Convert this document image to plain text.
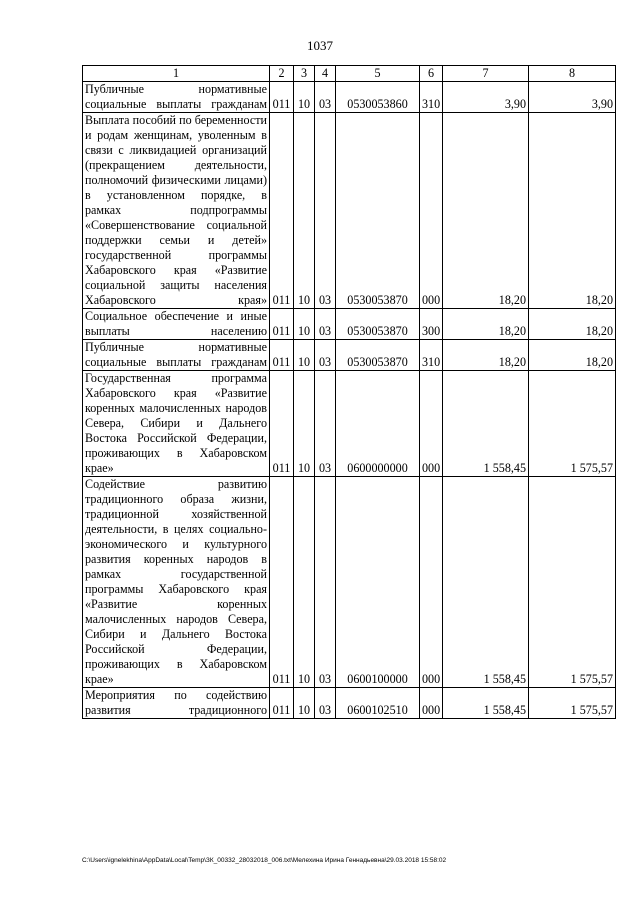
1037
1	2	3	4	5	6	7	8
Публичные нормативные социальные выплаты гражданам	011	10	03	0530053860	310	3,90	3,90
Выплата пособий по беременности и родам женщинам, уволенным в связи с ликвидацией организаций (прекращением деятельности, полномочий физическими лицами) в установленном порядке, в рамках подпрограммы «Совершенствование социальной поддержки семьи и детей» государственной программы Хабаровского края «Развитие социальной защиты населения Хабаровского края»	011	10	03	0530053870	000	18,20	18,20
Социальное обеспечение и иные выплаты населению	011	10	03	0530053870	300	18,20	18,20
Публичные нормативные социальные выплаты гражданам	011	10	03	0530053870	310	18,20	18,20
Государственная программа Хабаровского края «Развитие коренных малочисленных народов Севера, Сибири и Дальнего Востока Российской Федерации, проживающих в Хабаровском крае»	011	10	03	0600000000	000	1 558,45	1 575,57
Содействие развитию традиционного образа жизни, традиционной хозяйственной деятельности, в целях социально-экономического и культурного развития коренных народов в рамках государственной программы Хабаровского края «Развитие коренных малочисленных народов Севера, Сибири и Дальнего Востока Российской Федерации, проживающих в Хабаровском крае»	011	10	03	0600100000	000	1 558,45	1 575,57
Мероприятия по содействию развития традиционного	011	10	03	0600102510	000	1 558,45	1 575,57
C:\Users\ignelekhina\AppData\Local\Temp\ЗК_00332_28032018_006.txt\Мелехина Ирина Геннадьевна\29.03.2018 15:58:02
